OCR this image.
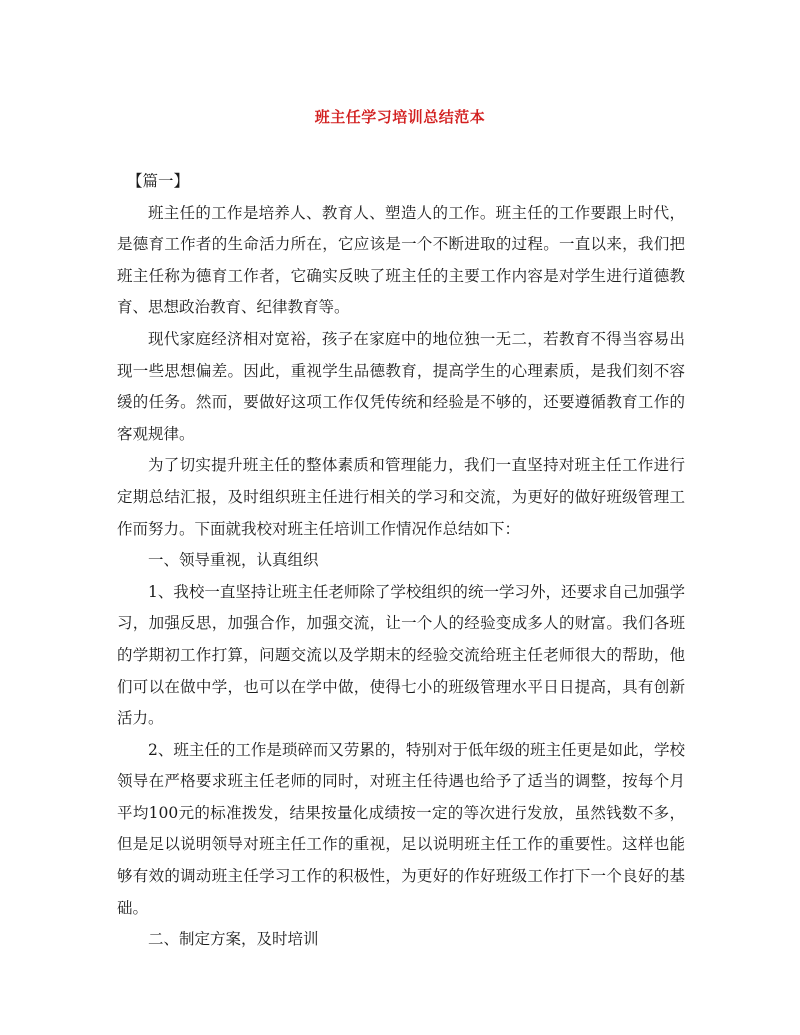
班主任学习培训总结范本

【篇一】

班主任的工作是培养人、教育人、塑造人的工作。班主任的工作要跟上时代，是德育工作者的生命活力所在，它应该是一个不断进取的过程。一直以来，我们把班主任称为德育工作者，它确实反映了班主任的主要工作内容是对学生进行道德教育、思想政治教育、纪律教育等。

现代家庭经济相对宽裕，孩子在家庭中的地位独一无二，若教育不得当容易出现一些思想偏差。因此，重视学生品德教育，提高学生的心理素质，是我们刻不容缓的任务。然而，要做好这项工作仅凭传统和经验是不够的，还要遵循教育工作的客观规律。

为了切实提升班主任的整体素质和管理能力，我们一直坚持对班主任工作进行定期总结汇报，及时组织班主任进行相关的学习和交流，为更好的做好班级管理工作而努力。下面就我校对班主任培训工作情况作总结如下：

一、领导重视，认真组织

1、我校一直坚持让班主任老师除了学校组织的统一学习外，还要求自己加强学习，加强反思，加强合作，加强交流，让一个人的经验变成多人的财富。我们各班的学期初工作打算，问题交流以及学期末的经验交流给班主任老师很大的帮助，他们可以在做中学，也可以在学中做，使得七小的班级管理水平日日提高，具有创新活力。

2、班主任的工作是琐碎而又劳累的，特别对于低年级的班主任更是如此，学校领导在严格要求班主任老师的同时，对班主任待遇也给予了适当的调整，按每个月平均100元的标准拨发，结果按量化成绩按一定的等次进行发放，虽然钱数不多，但是足以说明领导对班主任工作的重视，足以说明班主任工作的重要性。这样也能够有效的调动班主任学习工作的积极性，为更好的作好班级工作打下一个良好的基础。

二、制定方案，及时培训
